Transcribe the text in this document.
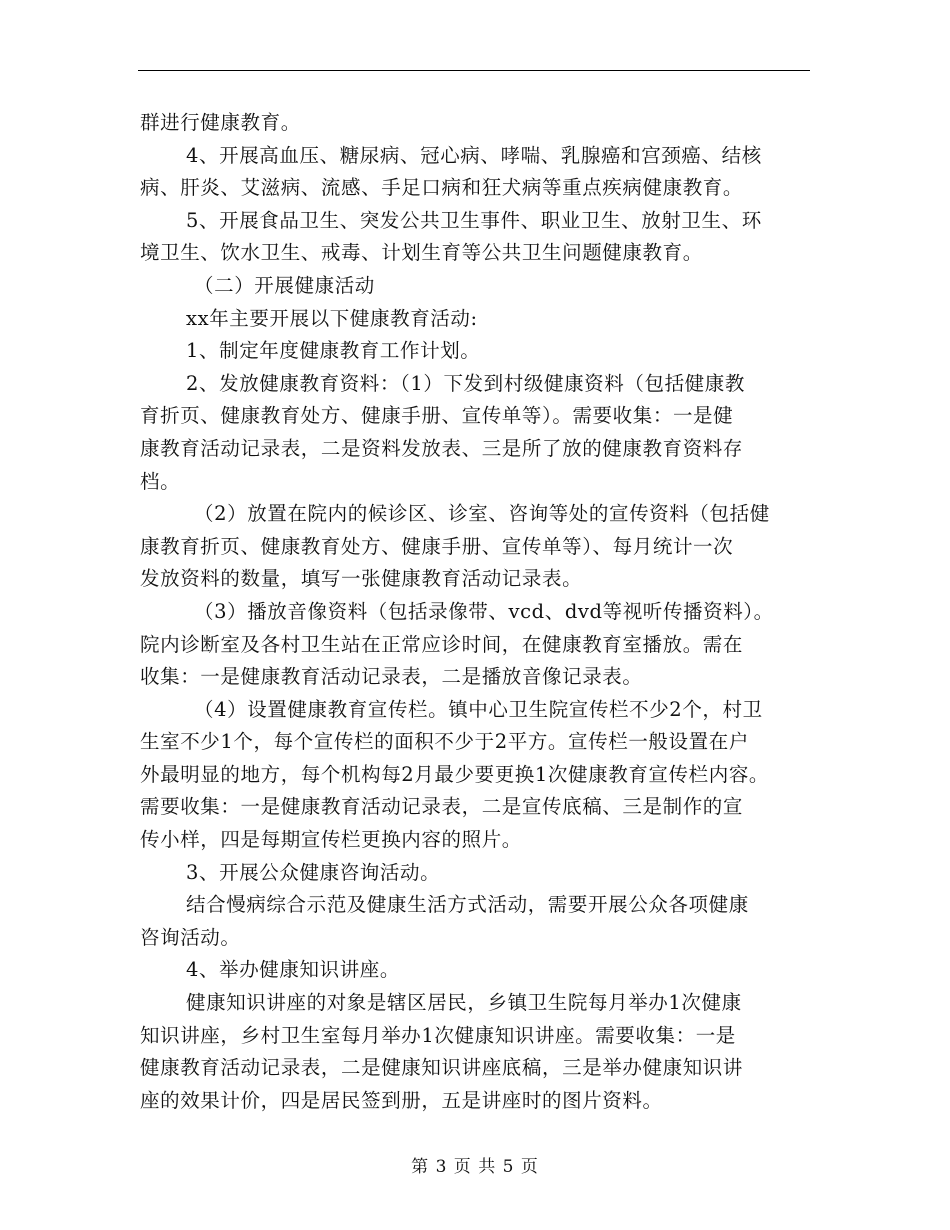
群进行健康教育。
4、开展高血压、糖尿病、冠心病、哮喘、乳腺癌和宫颈癌、结核
病、肝炎、艾滋病、流感、手足口病和狂犬病等重点疾病健康教育。
5、开展食品卫生、突发公共卫生事件、职业卫生、放射卫生、环
境卫生、饮水卫生、戒毒、计划生育等公共卫生问题健康教育。
（二）开展健康活动
xx年主要开展以下健康教育活动:
1、制定年度健康教育工作计划。
2、发放健康教育资料：（1）下发到村级健康资料（包括健康教
育折页、健康教育处方、健康手册、宣传单等）。需要收集：一是健
康教育活动记录表，二是资料发放表、三是所了放的健康教育资料存
档。
（2）放置在院内的候诊区、诊室、咨询等处的宣传资料（包括健
康教育折页、健康教育处方、健康手册、宣传单等）、每月统计一次
发放资料的数量，填写一张健康教育活动记录表。
（3）播放音像资料（包括录像带、vcd、dvd等视听传播资料）。
院内诊断室及各村卫生站在正常应诊时间，在健康教育室播放。需在
收集：一是健康教育活动记录表，二是播放音像记录表。
（4）设置健康教育宣传栏。镇中心卫生院宣传栏不少2个，村卫
生室不少1个，每个宣传栏的面积不少于2平方。宣传栏一般设置在户
外最明显的地方，每个机构每2月最少要更换1次健康教育宣传栏内容。
需要收集：一是健康教育活动记录表，二是宣传底稿、三是制作的宣
传小样，四是每期宣传栏更换内容的照片。
3、开展公众健康咨询活动。
结合慢病综合示范及健康生活方式活动，需要开展公众各项健康
咨询活动。
4、举办健康知识讲座。
健康知识讲座的对象是辖区居民，乡镇卫生院每月举办1次健康
知识讲座，乡村卫生室每月举办1次健康知识讲座。需要收集：一是
健康教育活动记录表，二是健康知识讲座底稿，三是举办健康知识讲
座的效果计价，四是居民签到册，五是讲座时的图片资料。
第 3 页 共 5 页
